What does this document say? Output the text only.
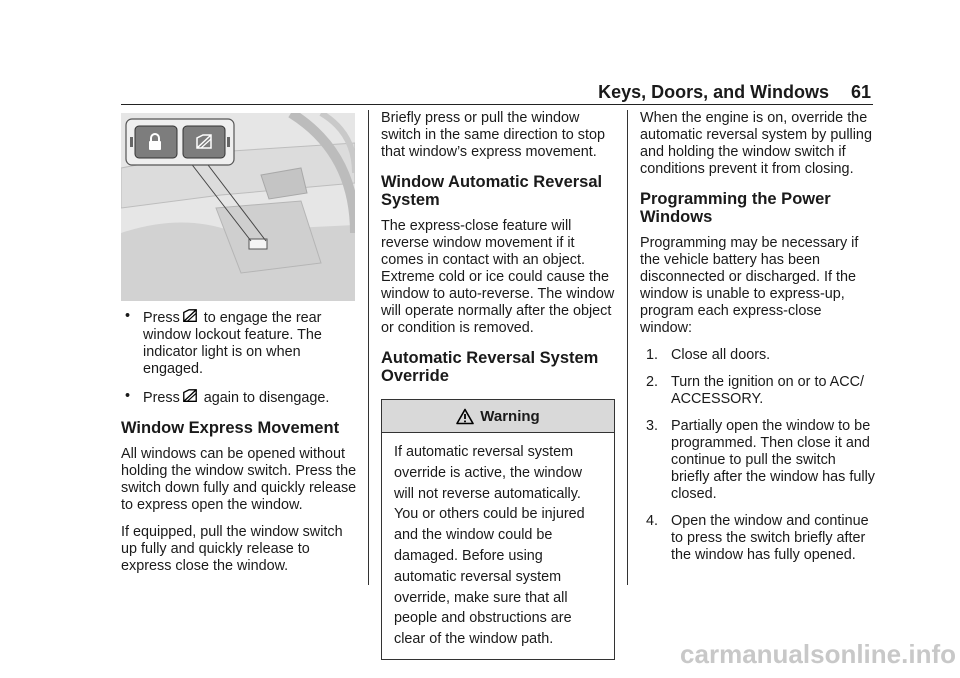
Keys, Doors, and Windows 61
• Press to engage the rear window lockout feature. The indicator light is on when engaged.
• Press again to disengage.
Window Express Movement

All windows can be opened without holding the window switch. Press the switch down fully and quickly release to express open the window.

If equipped, pull the window switch up fully and quickly release to express close the window.

Briefly press or pull the window switch in the same direction to stop that window’s express movement.

Window Automatic Reversal System

The express-close feature will reverse window movement if it comes in contact with an object. Extreme cold or ice could cause the window to auto-reverse. The window will operate normally after the object or condition is removed.

Automatic Reversal System Override
Warning
If automatic reversal system override is active, the window will not reverse automatically. You or others could be injured and the window could be damaged. Before using automatic reversal system override, make sure that all people and obstructions are clear of the window path.

When the engine is on, override the automatic reversal system by pulling and holding the window switch if conditions prevent it from closing.

Programming the Power Windows

Programming may be necessary if the vehicle battery has been disconnected or discharged. If the window is unable to express-up, program each express-close window:

1. Close all doors.
2. Turn the ignition on or to ACC/ ACCESSORY.
3. Partially open the window to be programmed. Then close it and continue to pull the switch briefly after the window has fully closed.
4. Open the window and continue to press the switch briefly after the window has fully opened.
carmanualsonline.info
